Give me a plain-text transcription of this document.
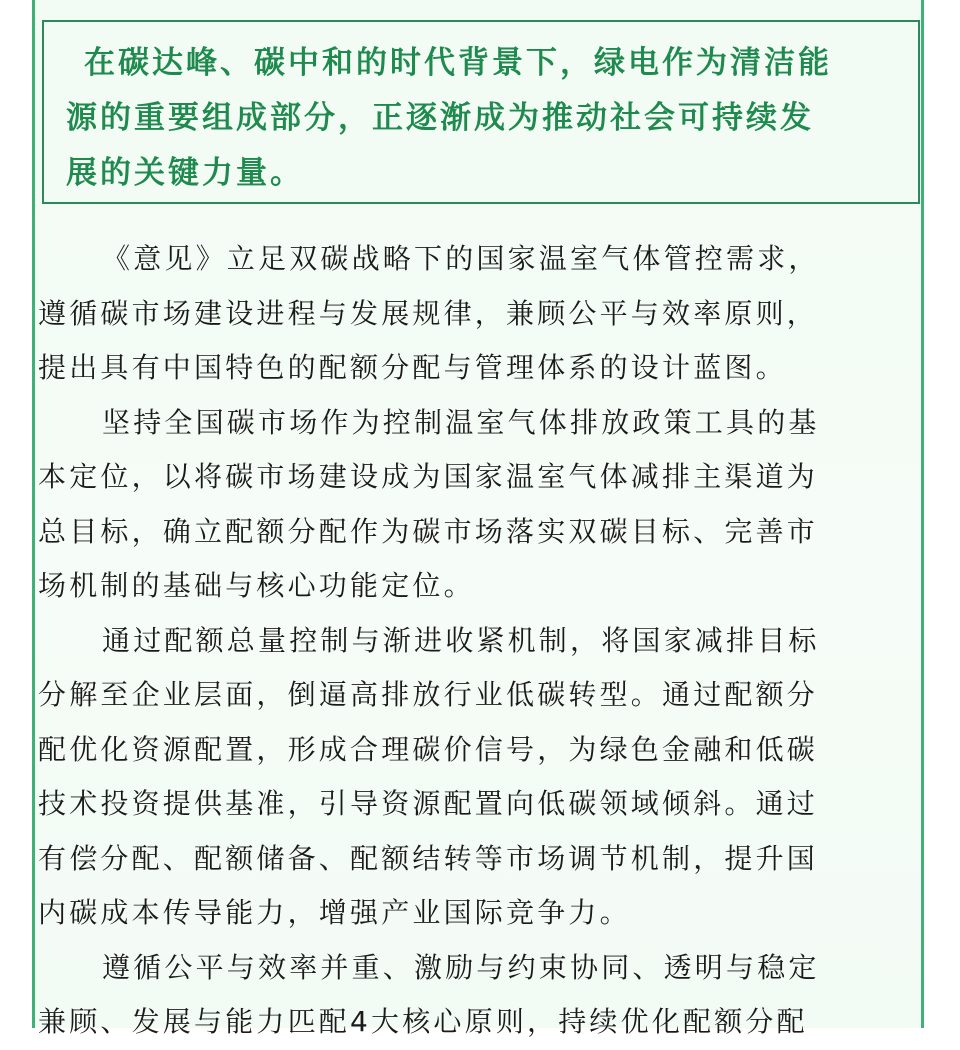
在碳达峰、碳中和的时代背景下，绿电作为清洁能
源的重要组成部分，正逐渐成为推动社会可持续发
展的关键力量。

《意见》立足双碳战略下的国家温室气体管控需求，
遵循碳市场建设进程与发展规律，兼顾公平与效率原则，
提出具有中国特色的配额分配与管理体系的设计蓝图。

坚持全国碳市场作为控制温室气体排放政策工具的基
本定位，以将碳市场建设成为国家温室气体减排主渠道为
总目标，确立配额分配作为碳市场落实双碳目标、完善市
场机制的基础与核心功能定位。

通过配额总量控制与渐进收紧机制，将国家减排目标
分解至企业层面，倒逼高排放行业低碳转型。通过配额分
配优化资源配置，形成合理碳价信号，为绿色金融和低碳
技术投资提供基准，引导资源配置向低碳领域倾斜。通过
有偿分配、配额储备、配额结转等市场调节机制，提升国
内碳成本传导能力，增强产业国际竞争力。

遵循公平与效率并重、激励与约束协同、透明与稳定
兼顾、发展与能力匹配4大核心原则，持续优化配额分配
